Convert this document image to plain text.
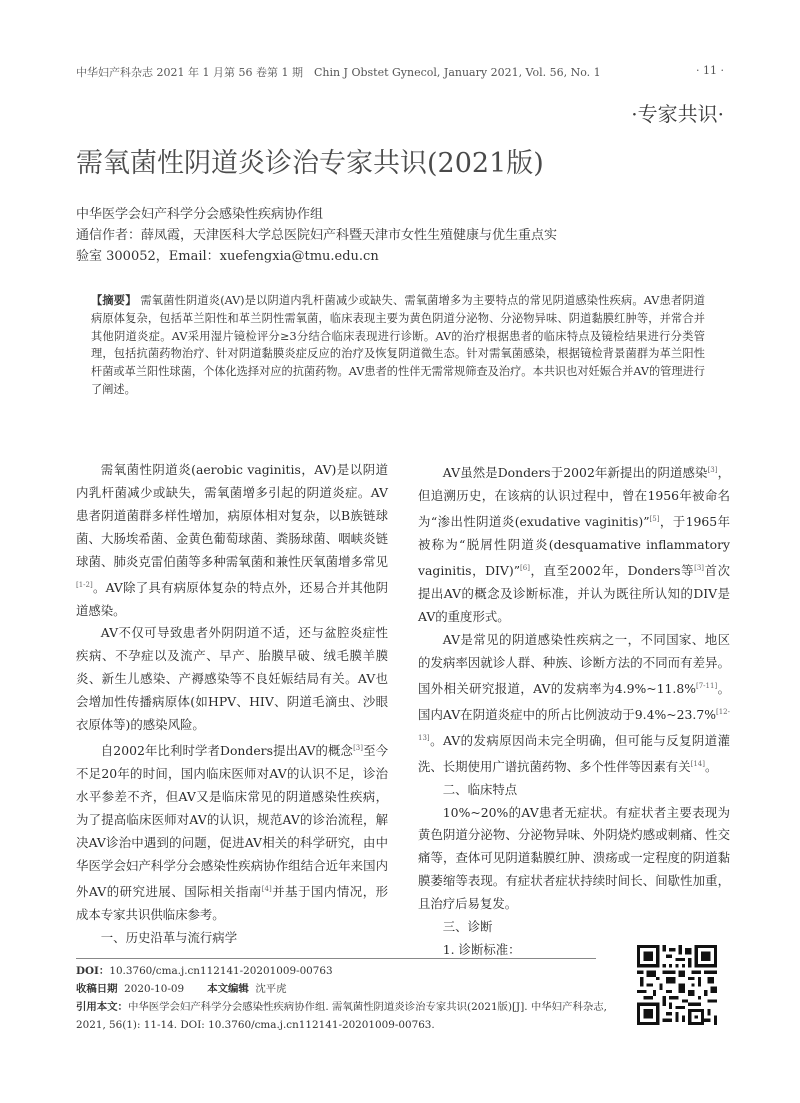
中华妇产科杂志 2021 年 1 月第 56 卷第 1 期　Chin J Obstet Gynecol, January 2021, Vol. 56, No. 1	· 11 ·
·专家共识·
需氧菌性阴道炎诊治专家共识(2021版)
中华医学会妇产科学分会感染性疾病协作组
通信作者：薛凤霞，天津医科大学总医院妇产科暨天津市女性生殖健康与优生重点实
验室 300052，Email：xuefengxia@tmu.edu.cn
【摘要】 需氧菌性阴道炎(AV)是以阴道内乳杆菌减少或缺失、需氧菌增多为主要特点的常见阴道感染性疾病。AV患者阴道病原体复杂，包括革兰阳性和革兰阴性需氧菌，临床表现主要为黄色阴道分泌物、分泌物异味、阴道黏膜红肿等，并常合并其他阴道炎症。AV采用湿片镜检评分≥3分结合临床表现进行诊断。AV的治疗根据患者的临床特点及镜检结果进行分类管理，包括抗菌药物治疗、针对阴道黏膜炎症反应的治疗及恢复阴道微生态。针对需氧菌感染，根据镜检背景菌群为革兰阳性杆菌或革兰阳性球菌，个体化选择对应的抗菌药物。AV患者的性伴无需常规筛查及治疗。本共识也对妊娠合并AV的管理进行了阐述。

需氧菌性阴道炎(aerobic vaginitis，AV)是以阴道内乳杆菌减少或缺失，需氧菌增多引起的阴道炎症。AV患者阴道菌群多样性增加，病原体相对复杂，以B族链球菌、大肠埃希菌、金黄色葡萄球菌、粪肠球菌、咽峡炎链球菌、肺炎克雷伯菌等多种需氧菌和兼性厌氧菌增多常见[1-2]。AV除了具有病原体复杂的特点外，还易合并其他阴道感染。

AV不仅可导致患者外阴阴道不适，还与盆腔炎症性疾病、不孕症以及流产、早产、胎膜早破、绒毛膜羊膜炎、新生儿感染、产褥感染等不良妊娠结局有关。AV也会增加性传播病原体(如HPV、HIV、阴道毛滴虫、沙眼衣原体等)的感染风险。

自2002年比利时学者Donders提出AV的概念[3]至今不足20年的时间，国内临床医师对AV的认识不足，诊治水平参差不齐，但AV又是临床常见的阴道感染性疾病，为了提高临床医师对AV的认识，规范AV的诊治流程，解决AV诊治中遇到的问题，促进AV相关的科学研究，由中华医学会妇产科学分会感染性疾病协作组结合近年来国内外AV的研究进展、国际相关指南[4]并基于国内情况，形成本专家共识供临床参考。

一、历史沿革与流行病学

AV虽然是Donders于2002年新提出的阴道感染[3]，但追溯历史，在该病的认识过程中，曾在1956年被命名为“渗出性阴道炎(exudative vaginitis)”[5]，于1965年被称为“脱屑性阴道炎(desquamative inflammatory vaginitis，DIV)”[6]，直至2002年，Donders等[3]首次提出AV的概念及诊断标准，并认为既往所认知的DIV是AV的重度形式。

AV是常见的阴道感染性疾病之一，不同国家、地区的发病率因就诊人群、种族、诊断方法的不同而有差异。国外相关研究报道，AV的发病率为4.9%~11.8%[7-11]。国内AV在阴道炎症中的所占比例波动于9.4%~23.7%[12-13]。AV的发病原因尚未完全明确，但可能与反复阴道灌洗、长期使用广谱抗菌药物、多个性伴等因素有关[14]。

二、临床特点

10%~20%的AV患者无症状。有症状者主要表现为黄色阴道分泌物、分泌物异味、外阴烧灼感或刺痛、性交痛等，查体可见阴道黏膜红肿、溃疡或一定程度的阴道黏膜萎缩等表现。有症状者症状持续时间长、间歇性加重，且治疗后易复发。

三、诊断

1. 诊断标准：

DOI：10.3760/cma.j.cn112141-20201009-00763
收稿日期 2020-10-09 本文编辑 沈平虎
引用本文：中华医学会妇产科学分会感染性疾病协作组. 需氧菌性阴道炎诊治专家共识(2021版)[J]. 中华妇产科杂志, 2021, 56(1): 11-14. DOI: 10.3760/cma.j.cn112141-20201009-00763.
